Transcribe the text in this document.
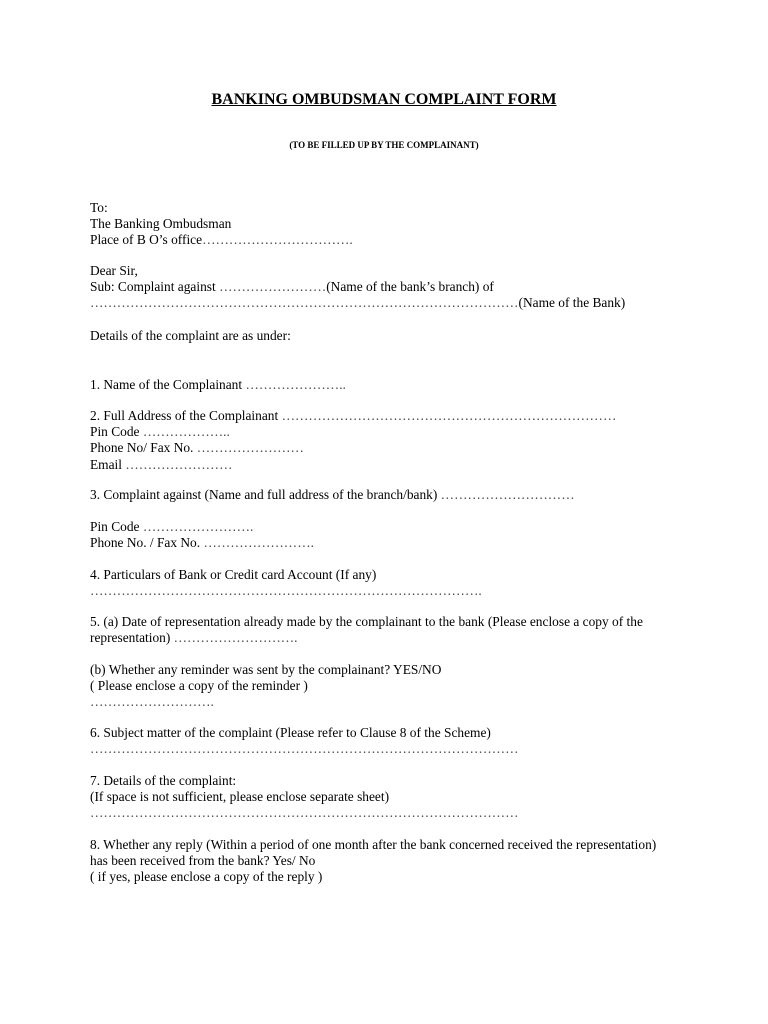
BANKING OMBUDSMAN COMPLAINT FORM
(TO BE FILLED UP BY THE COMPLAINANT)
To:
The Banking Ombudsman
Place of B O’s office…………………………….
Dear Sir,
Sub: Complaint against ……………………(Name of the bank’s branch) of
……………………………………………………………………………………(Name of the Bank)
Details of the complaint are as under:
1. Name of the Complainant …………………..
2. Full Address of the Complainant …………………………………………………………………
Pin Code ………………..
Phone No/ Fax No. ……………………
Email ……………………
3. Complaint against (Name and full address of the branch/bank) …………………………
Pin Code …………………….
Phone No. / Fax No. …………………….
4. Particulars of Bank or Credit card Account (If any)
…………………………………………………………………………….
5. (a) Date of representation already made by the complainant to the bank (Please enclose a copy of the
representation) ……………………….
(b) Whether any reminder was sent by the complainant? YES/NO
( Please enclose a copy of the reminder )
……………………….
6. Subject matter of the complaint (Please refer to Clause 8 of the Scheme)
……………………………………………………………………………………
7. Details of the complaint:
(If space is not sufficient, please enclose separate sheet)
……………………………………………………………………………………
8. Whether any reply (Within a period of one month after the bank concerned received the representation)
has been received from the bank? Yes/ No
( if yes, please enclose a copy of the reply )
